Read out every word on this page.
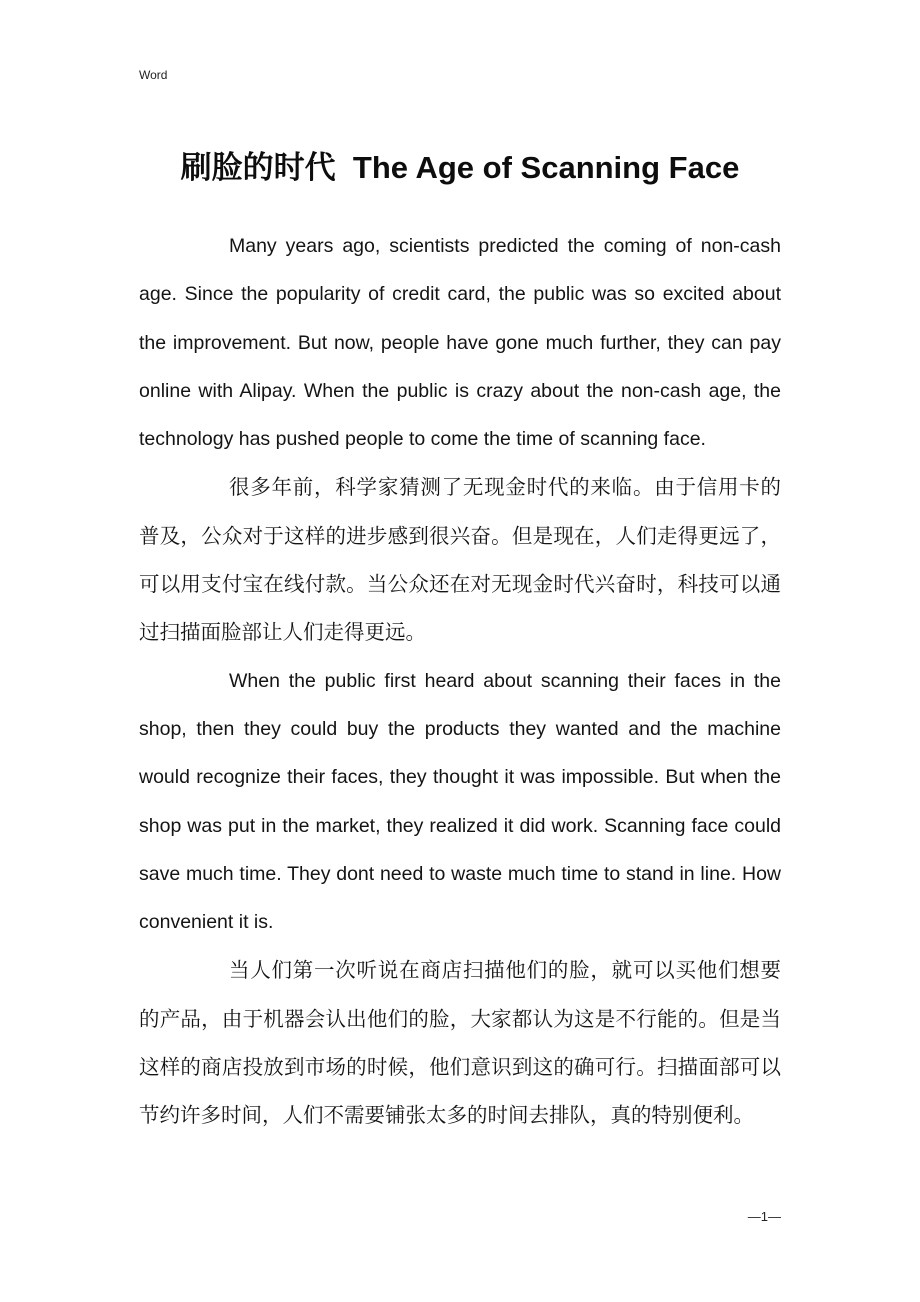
Word
刷脸的时代 The Age of Scanning Face

Many years ago, scientists predicted the coming of non-cash age. Since the popularity of credit card, the public was so excited about the improvement. But now, people have gone much further, they can pay online with Alipay. When the public is crazy about the non-cash age, the technology has pushed people to come the time of scanning face.

很多年前，科学家猜测了无现金时代的来临。由于信用卡的普及，公众对于这样的进步感到很兴奋。但是现在，人们走得更远了，可以用支付宝在线付款。当公众还在对无现金时代兴奋时，科技可以通过扫描面脸部让人们走得更远。

When the public first heard about scanning their faces in the shop, then they could buy the products they wanted and the machine would recognize their faces, they thought it was impossible. But when the shop was put in the market, they realized it did work. Scanning face could save much time. They dont need to waste much time to stand in line. How convenient it is.

当人们第一次听说在商店扫描他们的脸，就可以买他们想要的产品，由于机器会认出他们的脸，大家都认为这是不行能的。但是当这样的商店投放到市场的时候，他们意识到这的确可行。扫描面部可以节约许多时间，人们不需要铺张太多的时间去排队，真的特别便利。

—1—
